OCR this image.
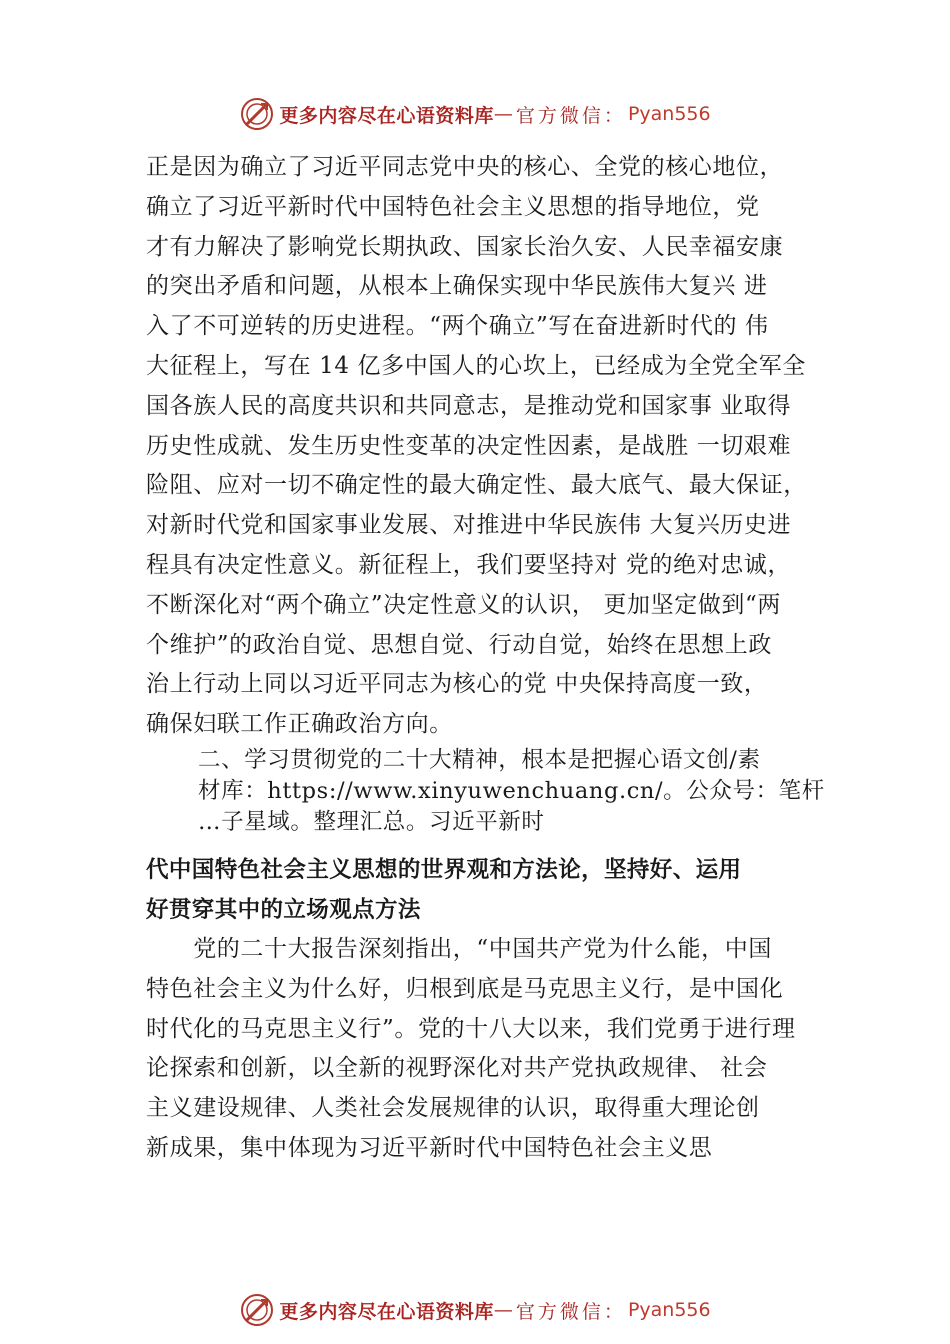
更多内容尽在心语资料库 — 官方微信： Pyan556
正是因为确立了习近平同志党中央的核心、全党的核心地位，
确立了习近平新时代中国特色社会主义思想的指导地位，党
才有力解决了影响党长期执政、国家长治久安、人民幸福安康
的突出矛盾和问题，从根本上确保实现中华民族伟大复兴 进
入了不可逆转的历史进程。“两个确立”写在奋进新时代的 伟
大征程上，写在 14 亿多中国人的心坎上，已经成为全党全军全
国各族人民的高度共识和共同意志，是推动党和国家事 业取得
历史性成就、发生历史性变革的决定性因素，是战胜 一切艰难
险阻、应对一切不确定性的最大确定性、最大底气、最大保证，
对新时代党和国家事业发展、对推进中华民族伟 大复兴历史进
程具有决定性意义。新征程上，我们要坚持对 党的绝对忠诚，
不断深化对“两个确立”决定性意义的认识， 更加坚定做到“两
个维护”的政治自觉、思想自觉、行动自觉，始终在思想上政
治上行动上同以习近平同志为核心的党 中央保持高度一致，
确保妇联工作正确政治方向。
二、学习贯彻党的二十大精神，根本是把握心语文创/素
材库：https://www.xinyuwenchuang.cn/。公众号：笔杆
…子星域。整理汇总。习近平新时
代中国特色社会主义思想的世界观和方法论，坚持好、运用
好贯穿其中的立场观点方法
　　党的二十大报告深刻指出，“中国共产党为什么能，中国
特色社会主义为什么好，归根到底是马克思主义行，是中国化
时代化的马克思主义行”。党的十八大以来，我们党勇于进行理
论探索和创新，以全新的视野深化对共产党执政规律、 社会
主义建设规律、人类社会发展规律的认识，取得重大理论创
新成果，集中体现为习近平新时代中国特色社会主义思
更多内容尽在心语资料库 — 官方微信： Pyan556
